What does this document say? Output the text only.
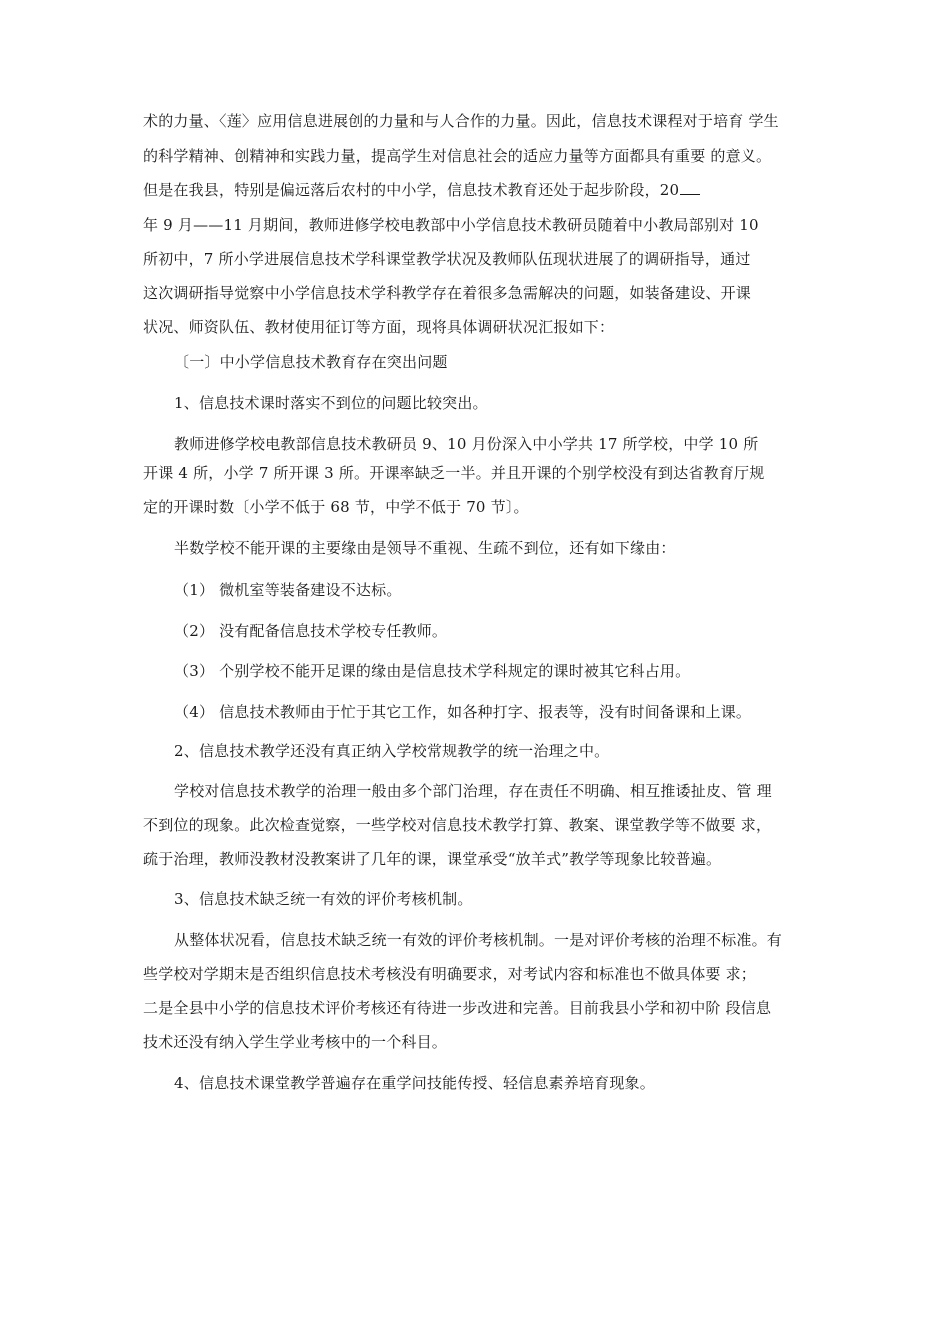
术的力量、〈莲〉应用信息进展创的力量和与人合作的力量。因此，信息技术课程对于培育 学生
的科学精神、创精神和实践力量，提高学生对信息社会的适应力量等方面都具有重要 的意义。
但是在我县，特别是偏远落后农村的中小学，信息技术教育还处于起步阶段，20
年 9 月——11 月期间，教师进修学校电教部中小学信息技术教研员随着中小教局部别对 10
所初中，7 所小学进展信息技术学科课堂教学状况及教师队伍现状进展了的调研指导，通过
这次调研指导觉察中小学信息技术学科教学存在着很多急需解决的问题，如装备建设、开课
状况、师资队伍、教材使用征订等方面，现将具体调研状况汇报如下：
〔一〕中小学信息技术教育存在突出问题
1、信息技术课时落实不到位的问题比较突出。
教师进修学校电教部信息技术教研员 9、10 月份深入中小学共 17 所学校，中学 10 所
开课 4 所，小学 7 所开课 3 所。开课率缺乏一半。并且开课的个别学校没有到达省教育厅规
定的开课时数〔小学不低于 68 节，中学不低于 70 节〕。
半数学校不能开课的主要缘由是领导不重视、生疏不到位，还有如下缘由：
（1） 微机室等装备建设不达标。
（2） 没有配备信息技术学校专任教师。
（3） 个别学校不能开足课的缘由是信息技术学科规定的课时被其它科占用。
（4） 信息技术教师由于忙于其它工作，如各种打字、报表等，没有时间备课和上课。
2、信息技术教学还没有真正纳入学校常规教学的统一治理之中。
学校对信息技术教学的治理一般由多个部门治理，存在责任不明确、相互推诿扯皮、管 理
不到位的现象。此次检查觉察，一些学校对信息技术教学打算、教案、课堂教学等不做要 求，
疏于治理，教师没教材没教案讲了几年的课，课堂承受“放羊式”教学等现象比较普遍。
3、信息技术缺乏统一有效的评价考核机制。
从整体状况看，信息技术缺乏统一有效的评价考核机制。一是对评价考核的治理不标准。有
些学校对学期末是否组织信息技术考核没有明确要求，对考试内容和标准也不做具体要 求；
二是全县中小学的信息技术评价考核还有待进一步改进和完善。目前我县小学和初中阶 段信息
技术还没有纳入学生学业考核中的一个科目。
4、信息技术课堂教学普遍存在重学问技能传授、轻信息素养培育现象。
